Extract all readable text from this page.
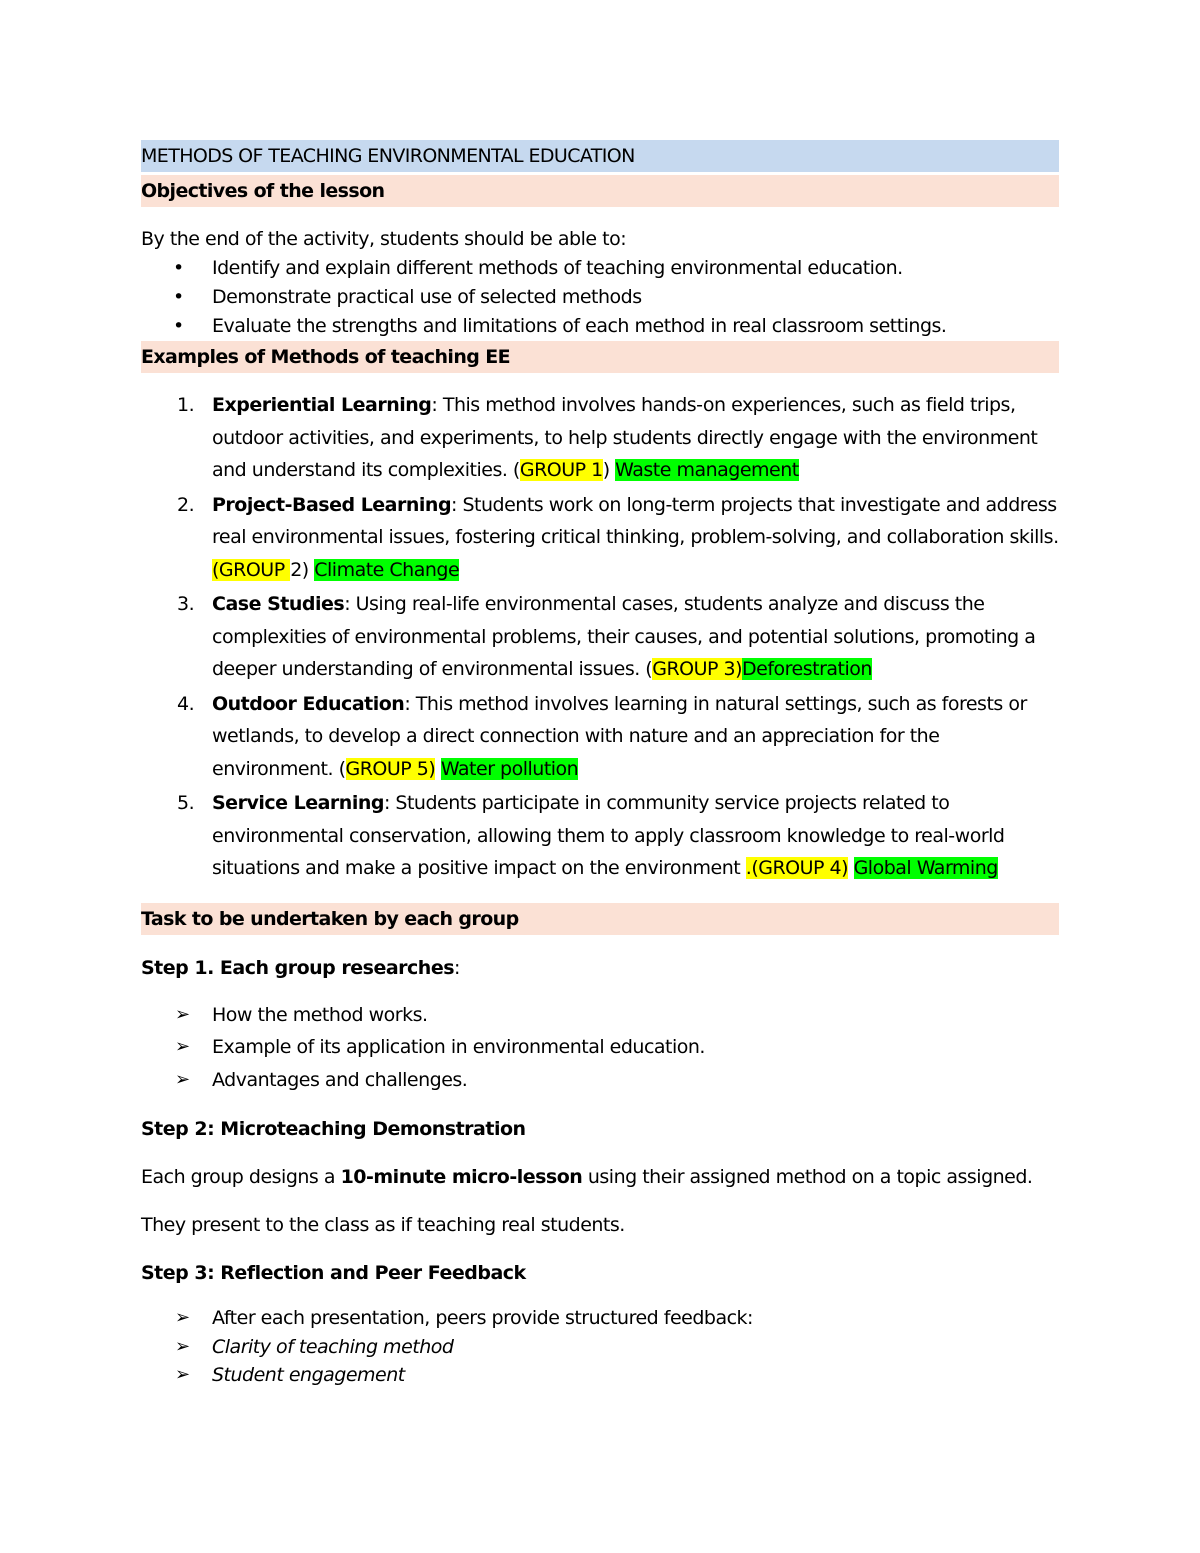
METHODS OF TEACHING ENVIRONMENTAL EDUCATION
Objectives of the lesson
By the end of the activity, students should be able to:
• Identify and explain different methods of teaching environmental education.
• Demonstrate practical use of selected methods
• Evaluate the strengths and limitations of each method in real classroom settings.
Examples of Methods of teaching EE
1. Experiential Learning: This method involves hands-on experiences, such as field trips, outdoor activities, and experiments, to help students directly engage with the environment and understand its complexities. (GROUP 1) Waste management
2. Project-Based Learning: Students work on long-term projects that investigate and address real environmental issues, fostering critical thinking, problem-solving, and collaboration skills. (GROUP 2) Climate Change
3. Case Studies: Using real-life environmental cases, students analyze and discuss the complexities of environmental problems, their causes, and potential solutions, promoting a deeper understanding of environmental issues. (GROUP 3)Deforestration
4. Outdoor Education: This method involves learning in natural settings, such as forests or wetlands, to develop a direct connection with nature and an appreciation for the environment. (GROUP 5) Water pollution
5. Service Learning: Students participate in community service projects related to environmental conservation, allowing them to apply classroom knowledge to real-world situations and make a positive impact on the environment .(GROUP 4) Global Warming
Task to be undertaken by each group
Step 1. Each group researches:
➢ How the method works.
➢ Example of its application in environmental education.
➢ Advantages and challenges.
Step 2: Microteaching Demonstration
Each group designs a 10-minute micro-lesson using their assigned method on a topic assigned.
They present to the class as if teaching real students.
Step 3: Reflection and Peer Feedback
➢ After each presentation, peers provide structured feedback:
➢ Clarity of teaching method
➢ Student engagement
